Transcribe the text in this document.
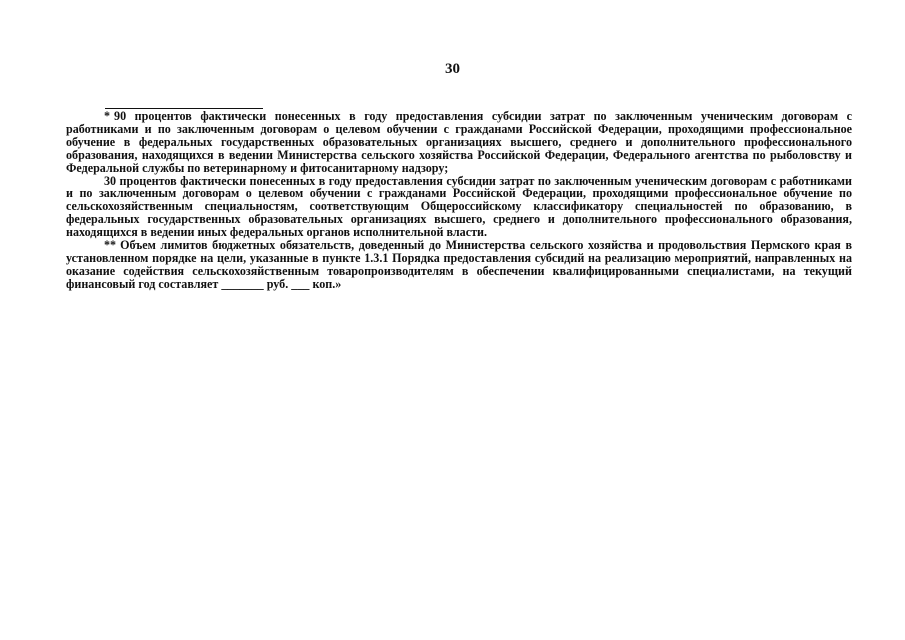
30

* 90 процентов фактически понесенных в году предоставления субсидии затрат по заключенным ученическим договорам с работниками и по заключенным договорам о целевом обучении с гражданами Российской Федерации, проходящими профессиональное обучение в федеральных государственных образовательных организациях высшего, среднего и дополнительного профессионального образования, находящихся в ведении Министерства сельского хозяйства Российской Федерации, Федерального агентства по рыболовству и Федеральной службы по ветеринарному и фитосанитарному надзору;

30 процентов фактически понесенных в году предоставления субсидии затрат по заключенным ученическим договорам с работниками и по заключенным договорам о целевом обучении с гражданами Российской Федерации, проходящими профессиональное обучение по сельскохозяйственным специальностям, соответствующим Общероссийскому классификатору специальностей по образованию, в федеральных государственных образовательных организациях высшего, среднего и дополнительного профессионального образования, находящихся в ведении иных федеральных органов исполнительной власти.

** Объем лимитов бюджетных обязательств, доведенный до Министерства сельского хозяйства и продовольствия Пермского края в установленном порядке на цели, указанные в пункте 1.3.1 Порядка предоставления субсидий на реализацию мероприятий, направленных на оказание содействия сельскохозяйственным товаропроизводителям в обеспечении квалифицированными специалистами, на текущий финансовый год составляет _______ руб. ___ коп.»
